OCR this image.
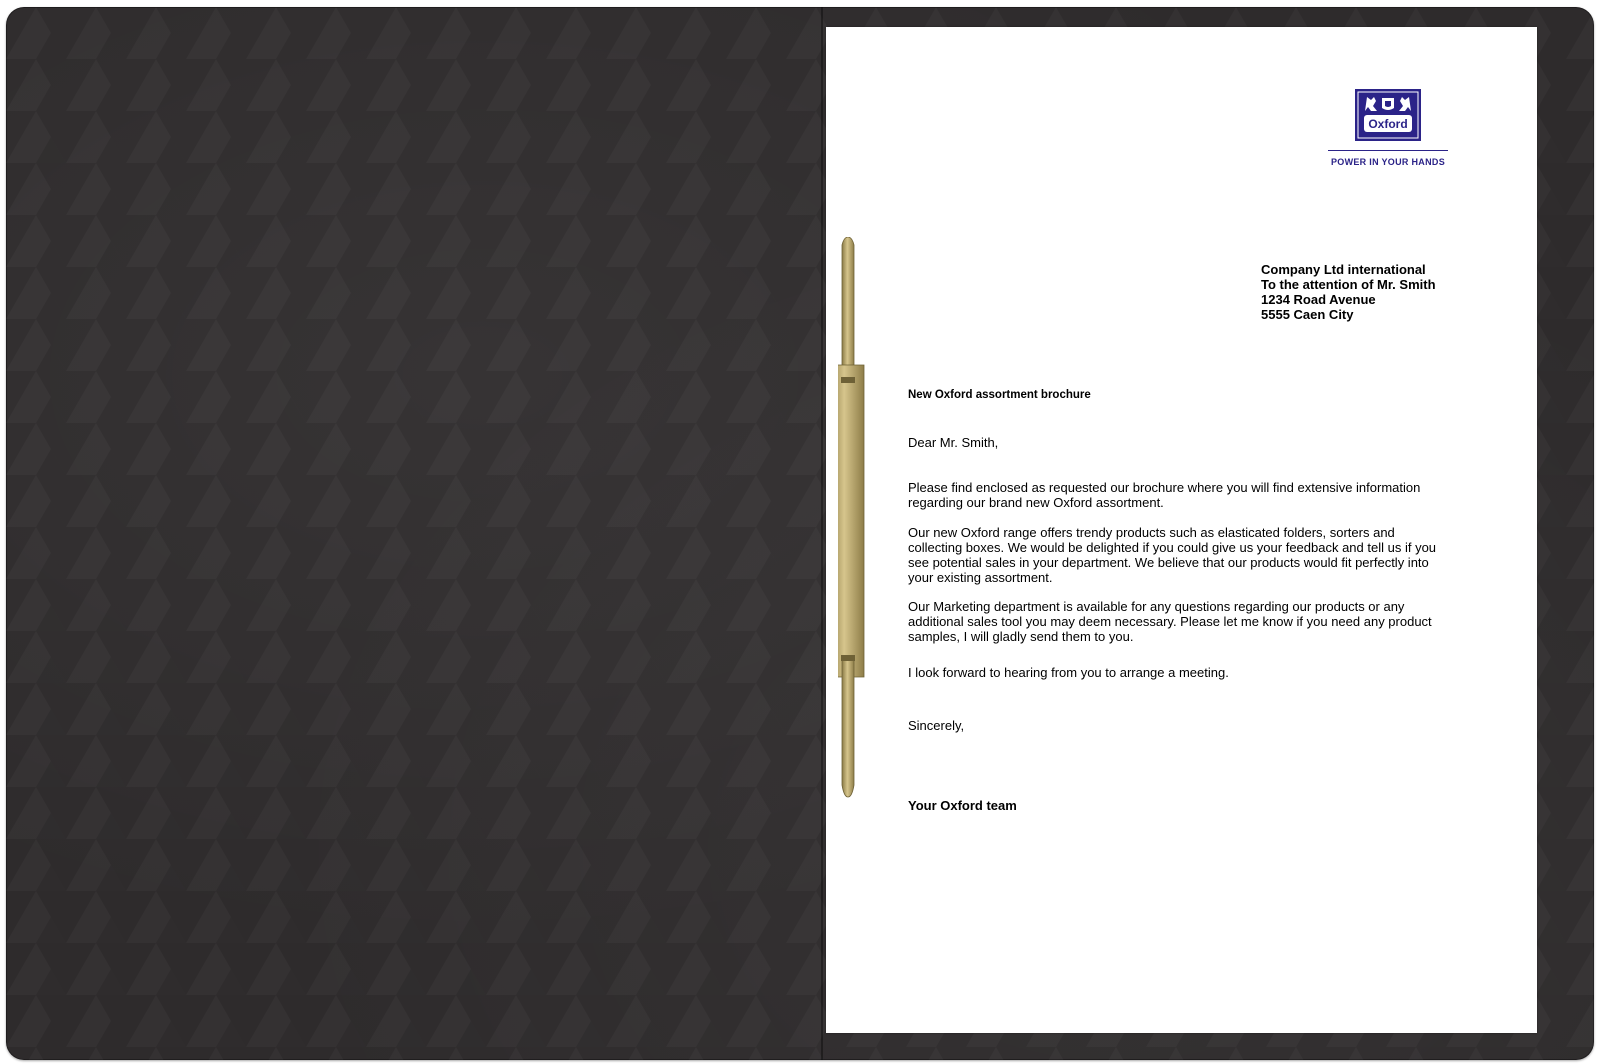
Oxford
POWER IN YOUR HANDS
Company Ltd international
To the attention of Mr. Smith
1234 Road Avenue
5555 Caen City
New Oxford assortment brochure
Dear Mr. Smith,

Please find enclosed as requested our brochure where you will find extensive information regarding our brand new Oxford assortment.

Our new Oxford range offers trendy products such as elasticated folders, sorters and collecting boxes. We would be delighted if you could give us your feedback and tell us if you see potential sales in your department. We believe that our products would fit perfectly into your existing assortment.

Our Marketing department is available for any questions regarding our products or any additional sales tool you may deem necessary. Please let me know if you need any product samples, I will gladly send them to you.

I look forward to hearing from you to arrange a meeting.

Sincerely,
Your Oxford team
